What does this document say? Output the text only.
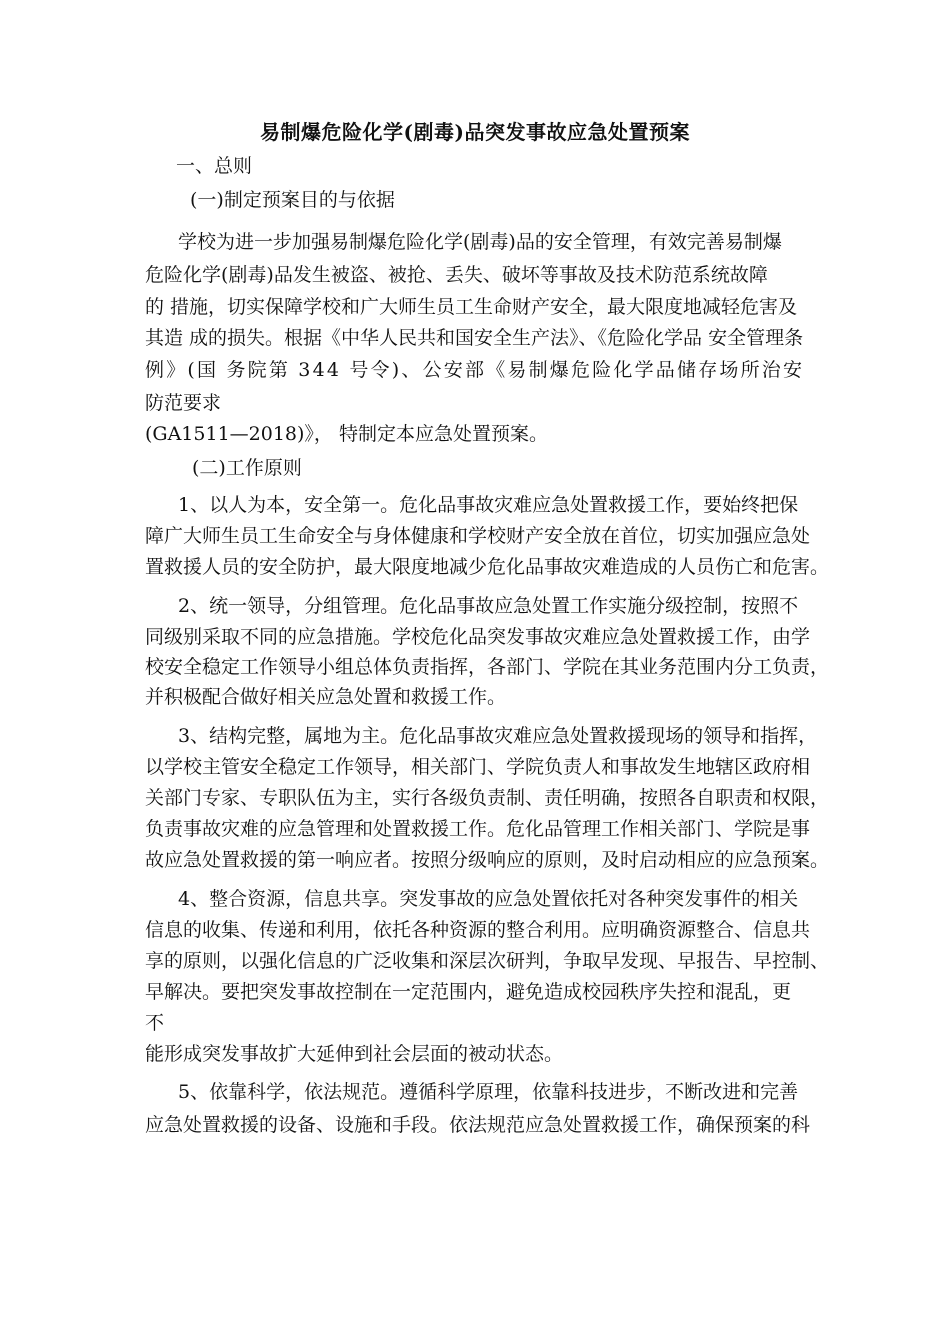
易制爆危险化学(剧毒)品突发事故应急处置预案
一、总则
(一)制定预案目的与依据
学校为进一步加强易制爆危险化学(剧毒)品的安全管理，有效完善易制爆
危险化学(剧毒)品发生被盗、被抢、丢失、破坏等事故及技术防范系统故障
的 措施，切实保障学校和广大师生员工生命财产安全，最大限度地减轻危害及
其造 成的损失。根据《中华人民共和国安全生产法》、《危险化学品 安全管理条
例》(国 务院第 344 号令)、公安部《易制爆危险化学品储存场所治安
防范要求
(GA1511—2018)》， 特制定本应急处置预案。
(二)工作原则
1、以人为本，安全第一。危化品事故灾难应急处置救援工作，要始终把保
障广大师生员工生命安全与身体健康和学校财产安全放在首位，切实加强应急处
置救援人员的安全防护，最大限度地减少危化品事故灾难造成的人员伤亡和危害。
2、统一领导，分组管理。危化品事故应急处置工作实施分级控制，按照不
同级别采取不同的应急措施。学校危化品突发事故灾难应急处置救援工作，由学
校安全稳定工作领导小组总体负责指挥，各部门、学院在其业务范围内分工负责，
并积极配合做好相关应急处置和救援工作。
3、结构完整，属地为主。危化品事故灾难应急处置救援现场的领导和指挥，
以学校主管安全稳定工作领导，相关部门、学院负责人和事故发生地辖区政府相
关部门专家、专职队伍为主，实行各级负责制、责任明确，按照各自职责和权限，
负责事故灾难的应急管理和处置救援工作。危化品管理工作相关部门、学院是事
故应急处置救援的第一响应者。按照分级响应的原则，及时启动相应的应急预案。
4、整合资源，信息共享。突发事故的应急处置依托对各种突发事件的相关
信息的收集、传递和利用，依托各种资源的整合利用。应明确资源整合、信息共
享的原则，以强化信息的广泛收集和深层次研判，争取早发现、早报告、早控制、
早解决。要把突发事故控制在一定范围内，避免造成校园秩序失控和混乱，更
不
能形成突发事故扩大延伸到社会层面的被动状态。
5、依靠科学，依法规范。遵循科学原理，依靠科技进步，不断改进和完善
应急处置救援的设备、设施和手段。依法规范应急处置救援工作，确保预案的科
